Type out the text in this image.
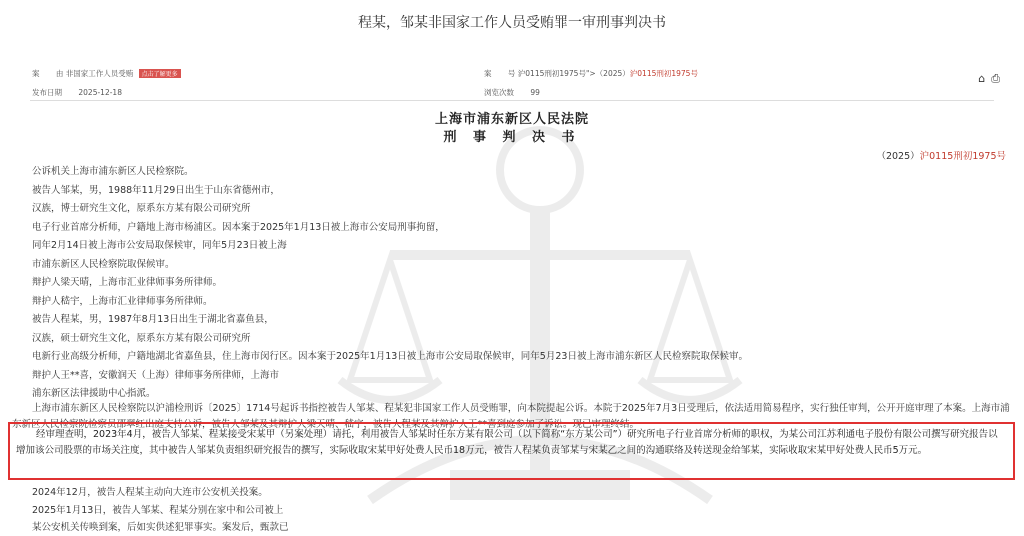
程某，邹某非国家工作人员受贿罪一审刑事判决书
案 由 非国家工作人员受贿 点击了解更多	案 号 沪0115刑初1975号">（2025）沪0115刑初1975号
发布日期 2025-12-18	浏览次数 99
⌂ ⎙
上海市浦东新区人民法院
刑 事 判 决 书
（2025）沪0115刑初1975号
公诉机关上海市浦东新区人民检察院。
被告人邹某，男，1988年11月29日出生于山东省德州市，
汉族，博士研究生文化，原系东方某有限公司研究所
电子行业首席分析师，户籍地上海市杨浦区。因本案于2025年1月13日被上海市公安局刑事拘留，
同年2月14日被上海市公安局取保候审，同年5月23日被上海
市浦东新区人民检察院取保候审。
辩护人梁天晴，上海市汇业律师事务所律师。
辩护人嵇宇，上海市汇业律师事务所律师。
被告人程某，男，1987年8月13日出生于湖北省嘉鱼县，
汉族，硕士研究生文化，原系东方某有限公司研究所
电新行业高级分析师，户籍地湖北省嘉鱼县，住上海市闵行区。因本案于2025年1月13日被上海市公安局取保候审，同年5月23日被上海市浦东新区人民检察院取保候审。
辩护人王**喜，安徽润天（上海）律师事务所律师，上海市
浦东新区法律援助中心指派。
上海市浦东新区人民检察院以沪浦检刑诉〔2025〕1714号起诉书指控被告人邹某、程某犯非国家工作人员受贿罪，向本院提起公诉。本院于2025年7月3日受理后，依法适用简易程序，实行独任审判，公开开庭审理了本案。上海市浦东新区人民检察院检察员邵翠红出庭支持公诉，被告人邹某及其辩护人梁天晴、嵇宇，被告人程某及其辩护人王**喜到庭参加了诉讼。现已审理终结。
经审理查明，2023年4月，被告人邹某、程某接受宋某甲（另案处理）请托，利用被告人邹某时任东方某有限公司（以下简称“东方某公司”）研究所电子行业首席分析师的职权，为某公司江苏利通电子股份有限公司撰写研究报告以增加该公司股票的市场关注度，其中被告人邹某负责组织研究报告的撰写，实际收取宋某甲好处费人民币18万元，被告人程某负责邹某与宋某乙之间的沟通联络及转送现金给邹某，实际收取宋某甲好处费人民币5万元。
2024年12月，被告人程某主动向大连市公安机关投案。
2025年1月13日，被告人邹某、程某分别在家中和公司被上
某公安机关传唤到案，后如实供述犯罪事实。案发后，甄款已
